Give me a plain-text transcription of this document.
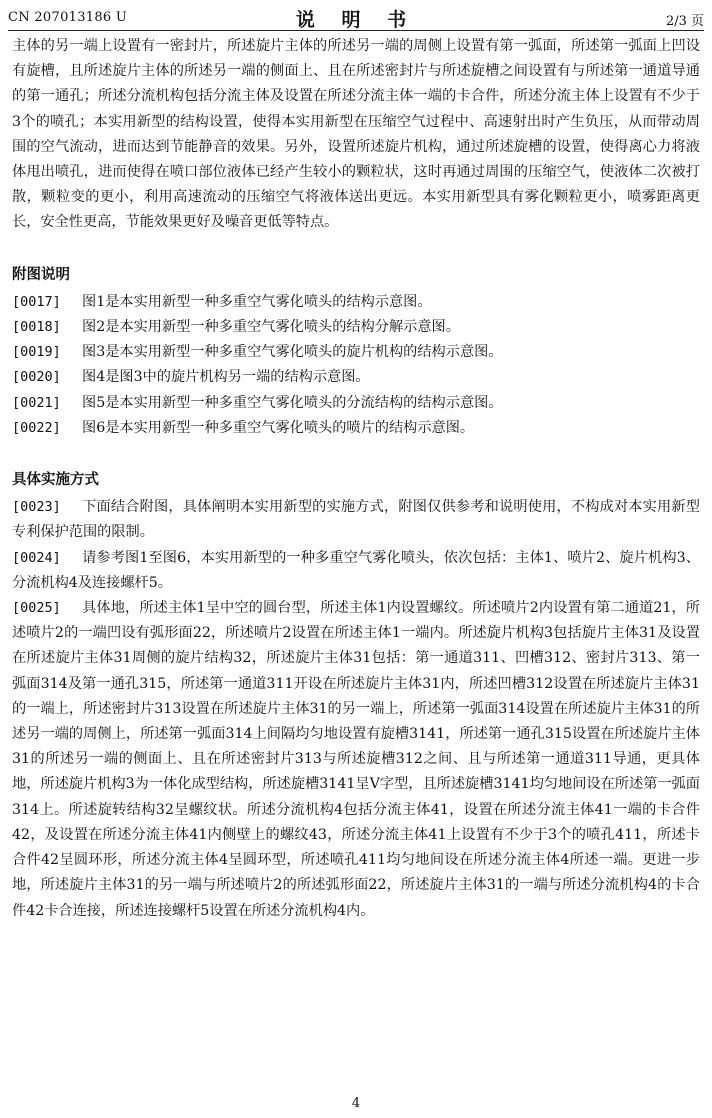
CN 207013186 U	说 明 书	2/3 页

主体的另一端上设置有一密封片，所述旋片主体的所述另一端的周侧上设置有第一弧面，所述第一弧面上凹设有旋槽，且所述旋片主体的所述另一端的侧面上、且在所述密封片与所述旋槽之间设置有与所述第一通道导通的第一通孔；所述分流机构包括分流主体及设置在所述分流主体一端的卡合件，所述分流主体上设置有不少于3个的喷孔；本实用新型的结构设置，使得本实用新型在压缩空气过程中、高速射出时产生负压，从而带动周围的空气流动，进而达到节能静音的效果。另外，设置所述旋片机构，通过所述旋槽的设置，使得离心力将液体甩出喷孔，进而使得在喷口部位液体已经产生较小的颗粒状，这时再通过周围的压缩空气，使液体二次被打散，颗粒变的更小，利用高速流动的压缩空气将液体送出更远。本实用新型具有雾化颗粒更小，喷雾距离更长，安全性更高，节能效果更好及噪音更低等特点。

附图说明
[0017]	图1是本实用新型一种多重空气雾化喷头的结构示意图。
[0018]	图2是本实用新型一种多重空气雾化喷头的结构分解示意图。
[0019]	图3是本实用新型一种多重空气雾化喷头的旋片机构的结构示意图。
[0020]	图4是图3中的旋片机构另一端的结构示意图。
[0021]	图5是本实用新型一种多重空气雾化喷头的分流结构的结构示意图。
[0022]	图6是本实用新型一种多重空气雾化喷头的喷片的结构示意图。
具体实施方式

[0023] 下面结合附图，具体阐明本实用新型的实施方式，附图仅供参考和说明使用，不构成对本实用新型专利保护范围的限制。

[0024] 请参考图1至图6，本实用新型的一种多重空气雾化喷头，依次包括：主体1、喷片2、旋片机构3、分流机构4及连接螺杆5。

[0025] 具体地，所述主体1呈中空的圆台型，所述主体1内设置螺纹。所述喷片2内设置有第二通道21，所述喷片2的一端凹设有弧形面22，所述喷片2设置在所述主体1一端内。所述旋片机构3包括旋片主体31及设置在所述旋片主体31周侧的旋片结构32，所述旋片主体31包括：第一通道311、凹槽312、密封片313、第一弧面314及第一通孔315，所述第一通道311开设在所述旋片主体31内，所述凹槽312设置在所述旋片主体31的一端上，所述密封片313设置在所述旋片主体31的另一端上，所述第一弧面314设置在所述旋片主体31的所述另一端的周侧上，所述第一弧面314上间隔均匀地设置有旋槽3141，所述第一通孔315设置在所述旋片主体31的所述另一端的侧面上、且在所述密封片313与所述旋槽312之间、且与所述第一通道311导通，更具体地，所述旋片机构3为一体化成型结构，所述旋槽3141呈V字型，且所述旋槽3141均匀地间设在所述第一弧面314上。所述旋转结构32呈螺纹状。所述分流机构4包括分流主体41，设置在所述分流主体41一端的卡合件42，及设置在所述分流主体41内侧壁上的螺纹43，所述分流主体41上设置有不少于3个的喷孔411，所述卡合件42呈圆环形，所述分流主体4呈圆环型，所述喷孔411均匀地间设在所述分流主体4所述一端。更进一步地，所述旋片主体31的另一端与所述喷片2的所述弧形面22，所述旋片主体31的一端与所述分流机构4的卡合件42卡合连接，所述连接螺杆5设置在所述分流机构4内。

4
